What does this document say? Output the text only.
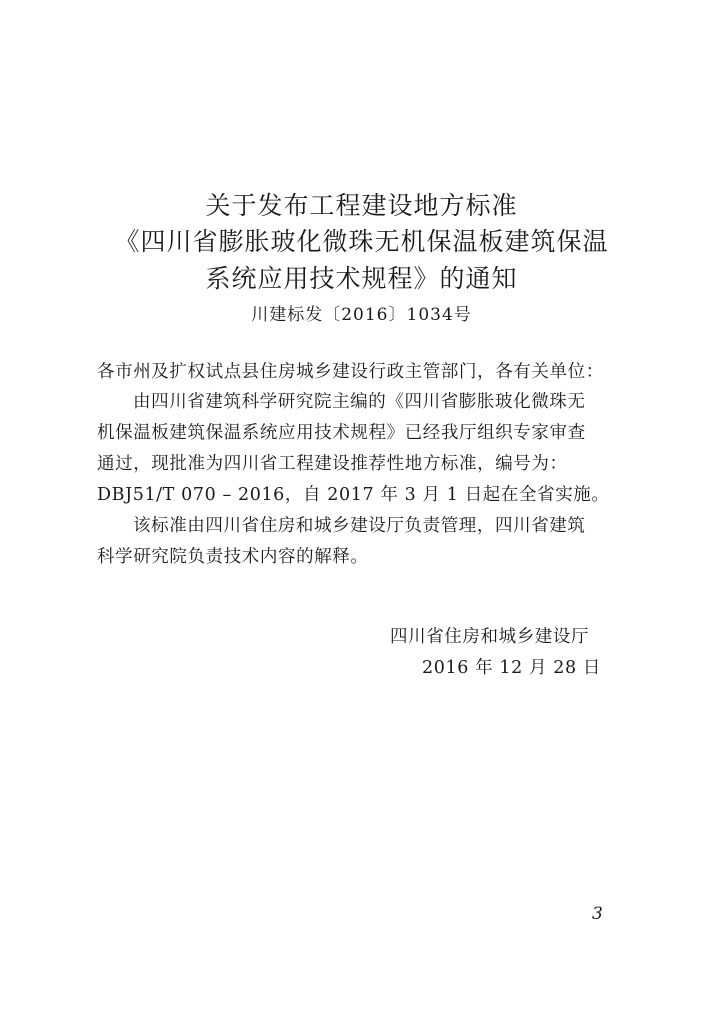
关于发布工程建设地方标准
《四川省膨胀玻化微珠无机保温板建筑保温
系统应用技术规程》的通知
川建标发〔2016〕1034号
各市州及扩权试点县住房城乡建设行政主管部门，各有关单位：
由四川省建筑科学研究院主编的《四川省膨胀玻化微珠无
机保温板建筑保温系统应用技术规程》已经我厅组织专家审查
通过，现批准为四川省工程建设推荐性地方标准，编号为：
DBJ51/T 070 – 2016，自 2017 年 3 月 1 日起在全省实施。
该标准由四川省住房和城乡建设厅负责管理，四川省建筑
科学研究院负责技术内容的解释。
四川省住房和城乡建设厅
2016 年 12 月 28 日
3
